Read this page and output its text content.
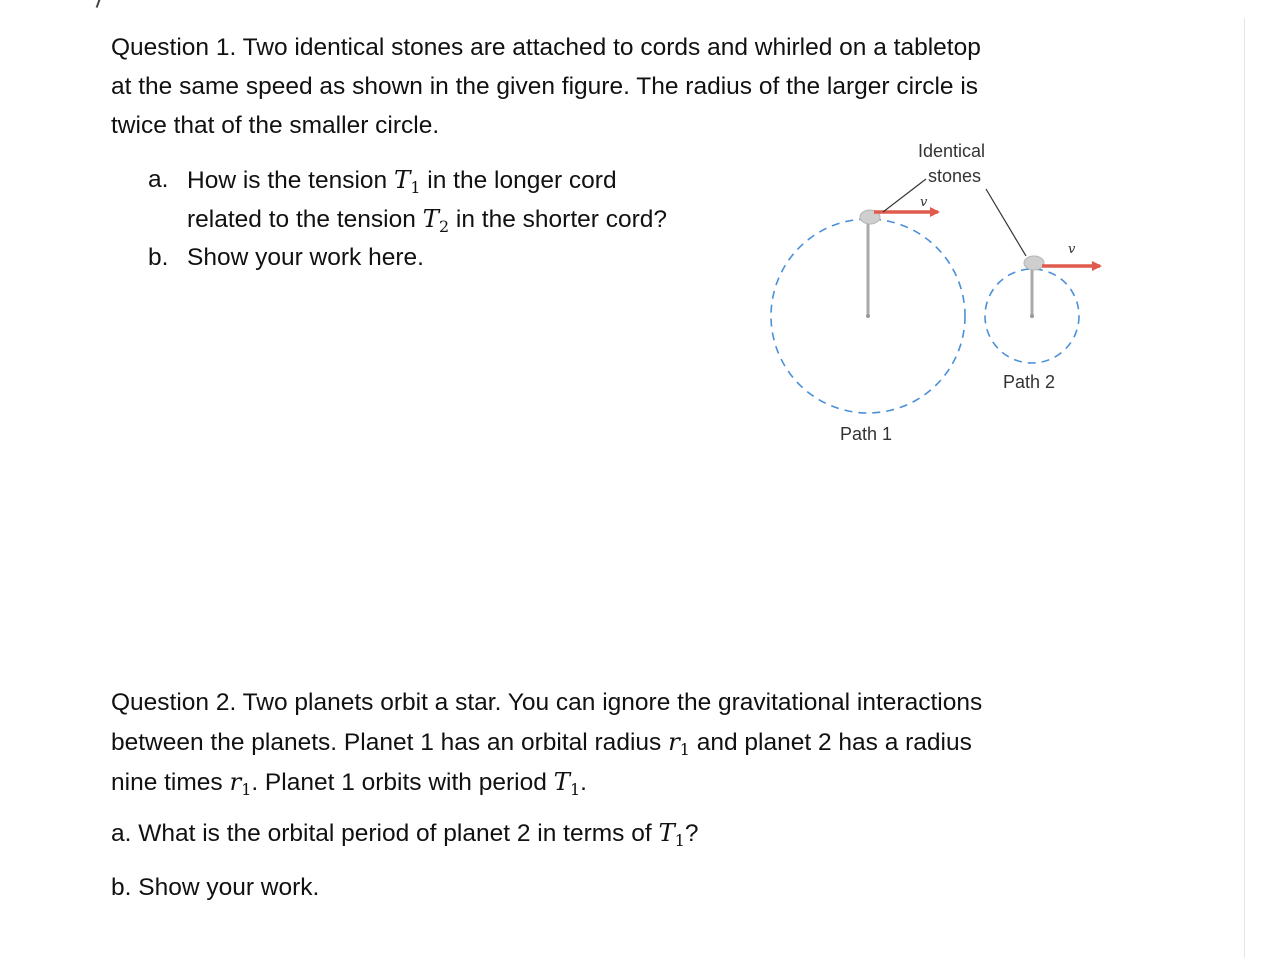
Question 1. Two identical stones are attached to cords and whirled on a tabletop
at the same speed as shown in the given figure. The radius of the larger circle is
twice that of the smaller circle.

a. How is the tension $T_1$ in the longer cord
related to the tension $T_2$ in the shorter cord?
b. Show your work here.
Identical
stones
v
v
Path 2
Path 1

Question 2. Two planets orbit a star. You can ignore the gravitational interactions
between the planets. Planet 1 has an orbital radius $r_1$ and planet 2 has a radius
nine times $r_1$. Planet 1 orbits with period $T_1$.

a. What is the orbital period of planet 2 in terms of $T_1$?
b. Show your work.
